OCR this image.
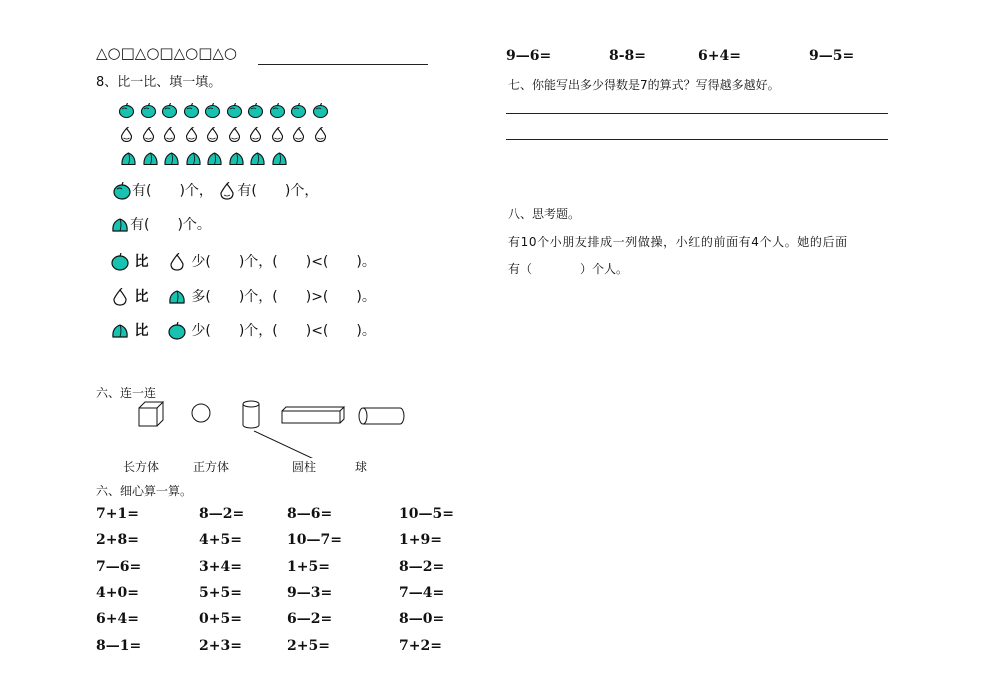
△○□△○□△○□△○
8、比一比、填一填。
有(　　)个， 有(　　)个，
有(　　)个。
比	少(　　)个，(　　)<(　　)。
比	多(　　)个，(　　)>(　　)。
比	少(　　)个，(　　)<(　　)。
六、连一连
长方体	正方体	圆柱	球
六、细心算一算。
7+1=	8—2=	8—6=	10—5=
2+8=	4+5=	10—7=	1+9=
7—6=	3+4=	1+5=	8—2=
4+0=	5+5=	9—3=	7—4=
6+4=	0+5=	6—2=	8—0=
8—1=	2+3=	2+5=	7+2=
9—6=	8-8=	6+4=	9—5=
七、你能写出多少得数是7的算式？写得越多越好。
八、思考题。
有10个小朋友排成一列做操，小红的前面有4个人。她的后面
有（　　　　）个人。
